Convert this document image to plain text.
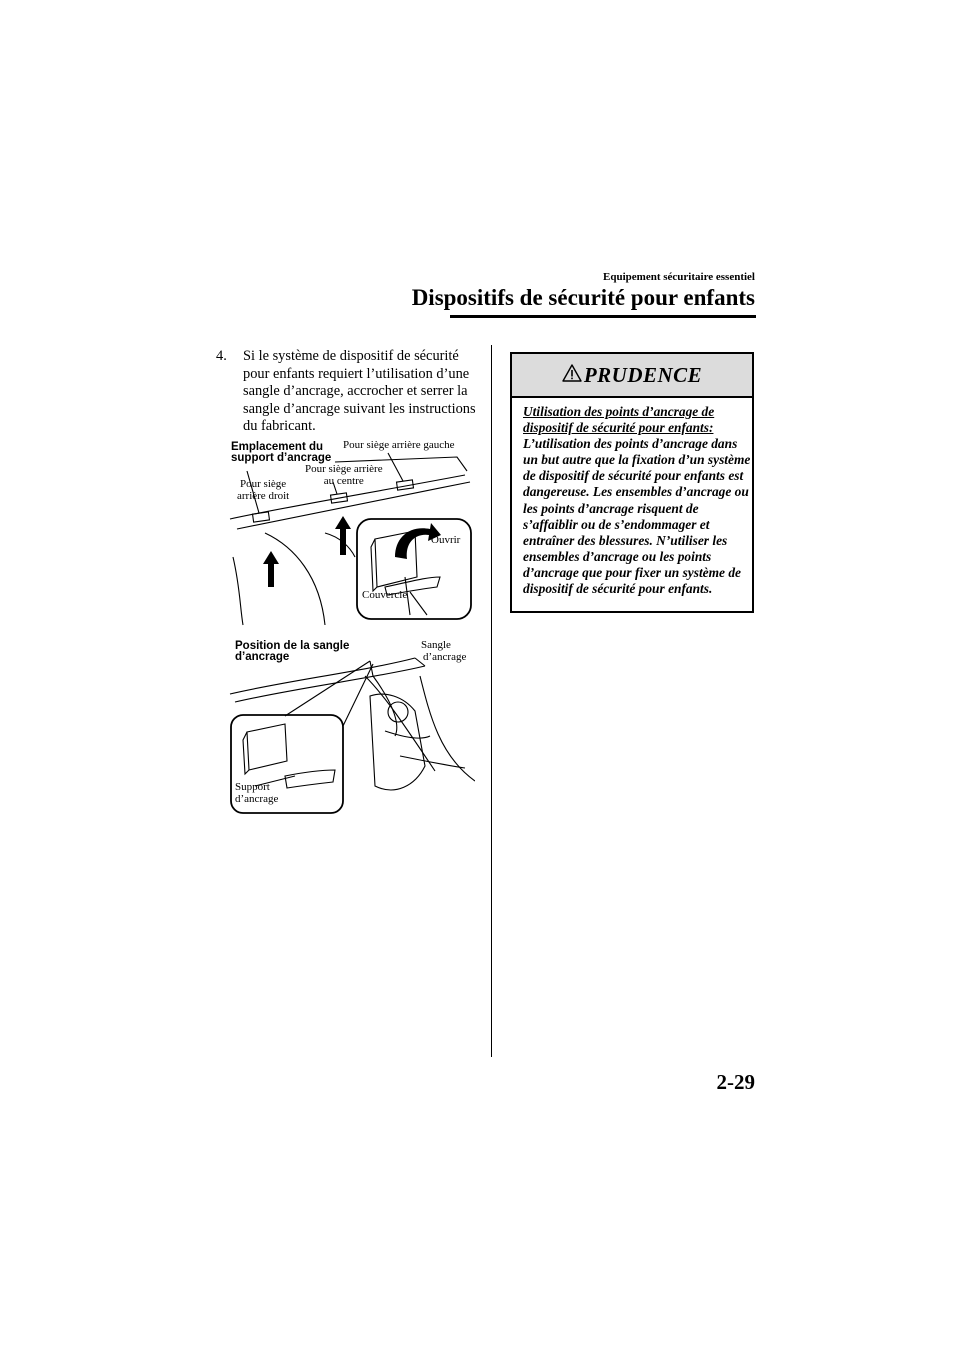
Equipement sécuritaire essentiel
Dispositifs de sécurité pour enfants
4. Si le système de dispositif de sécurité pour enfants requiert l’utilisation d’une sangle d’ancrage, accrocher et serrer la sangle d’ancrage suivant les instructions du fabricant.
Emplacement du
support d’ancrage
Pour siège arrière gauche
Pour siège arrière
au centre
Pour siège
arrière droit
Ouvrir
Couvercle
Position de la sangle
d’ancrage
Sangle
d’ancrage
Support
d’ancrage
PRUDENCE
Utilisation des points d’ancrage de dispositif de sécurité pour enfants:
L’utilisation des points d’ancrage dans un but autre que la fixation d’un système de dispositif de sécurité pour enfants est dangereuse. Les ensembles d’ancrage ou les points d’ancrage risquent de s’affaiblir ou de s’endommager et entraîner des blessures. N’utiliser les ensembles d’ancrage ou les points d’ancrage que pour fixer un système de dispositif de sécurité pour enfants.
2-29
